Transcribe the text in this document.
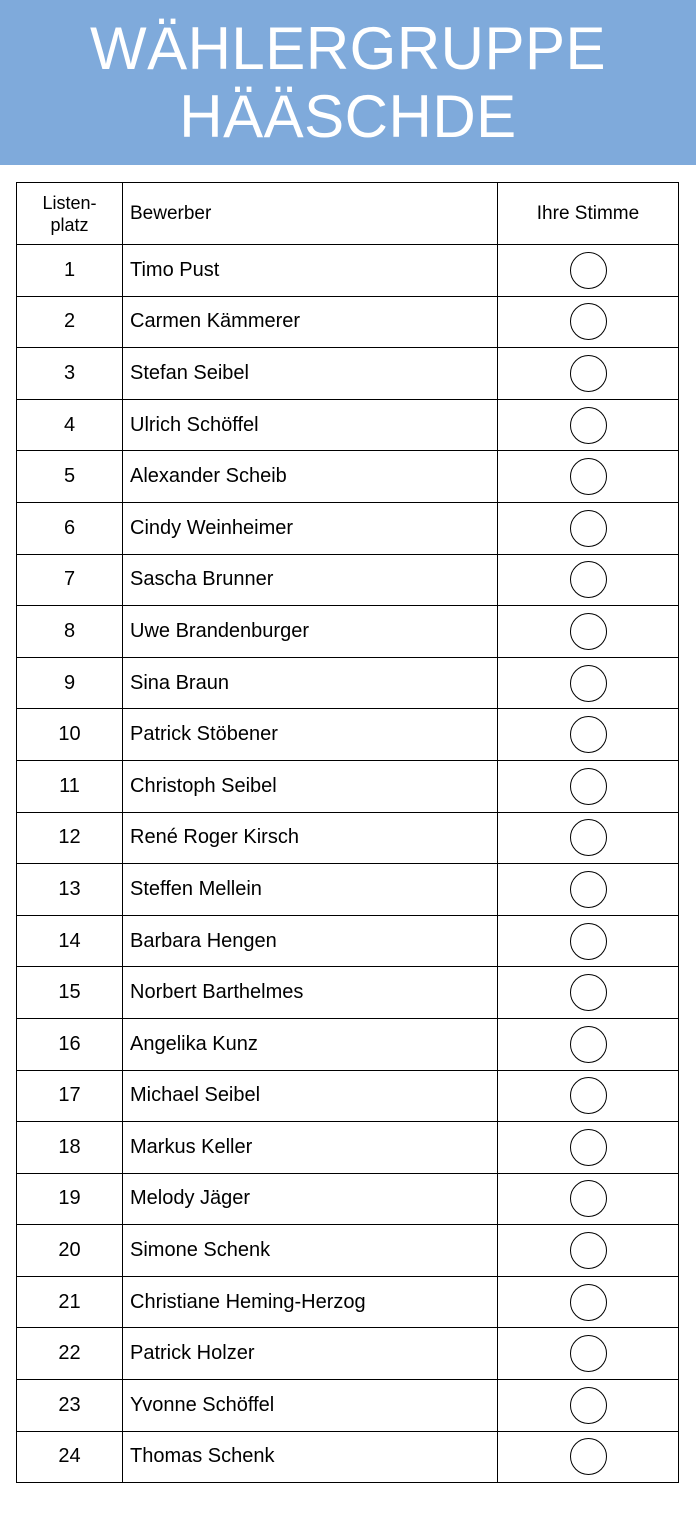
WÄHLERGRUPPE
HÄÄSCHDE
Listen-
platz	Bewerber	Ihre Stimme
1	Timo Pust	
2	Carmen Kämmerer	
3	Stefan Seibel	
4	Ulrich Schöffel	
5	Alexander Scheib	
6	Cindy Weinheimer	
7	Sascha Brunner	
8	Uwe Brandenburger	
9	Sina Braun	
10	Patrick Stöbener	
11	Christoph Seibel	
12	René Roger Kirsch	
13	Steffen Mellein	
14	Barbara Hengen	
15	Norbert Barthelmes	
16	Angelika Kunz	
17	Michael Seibel	
18	Markus Keller	
19	Melody Jäger	
20	Simone Schenk	
21	Christiane Heming-Herzog	
22	Patrick Holzer	
23	Yvonne Schöffel	
24	Thomas Schenk	
